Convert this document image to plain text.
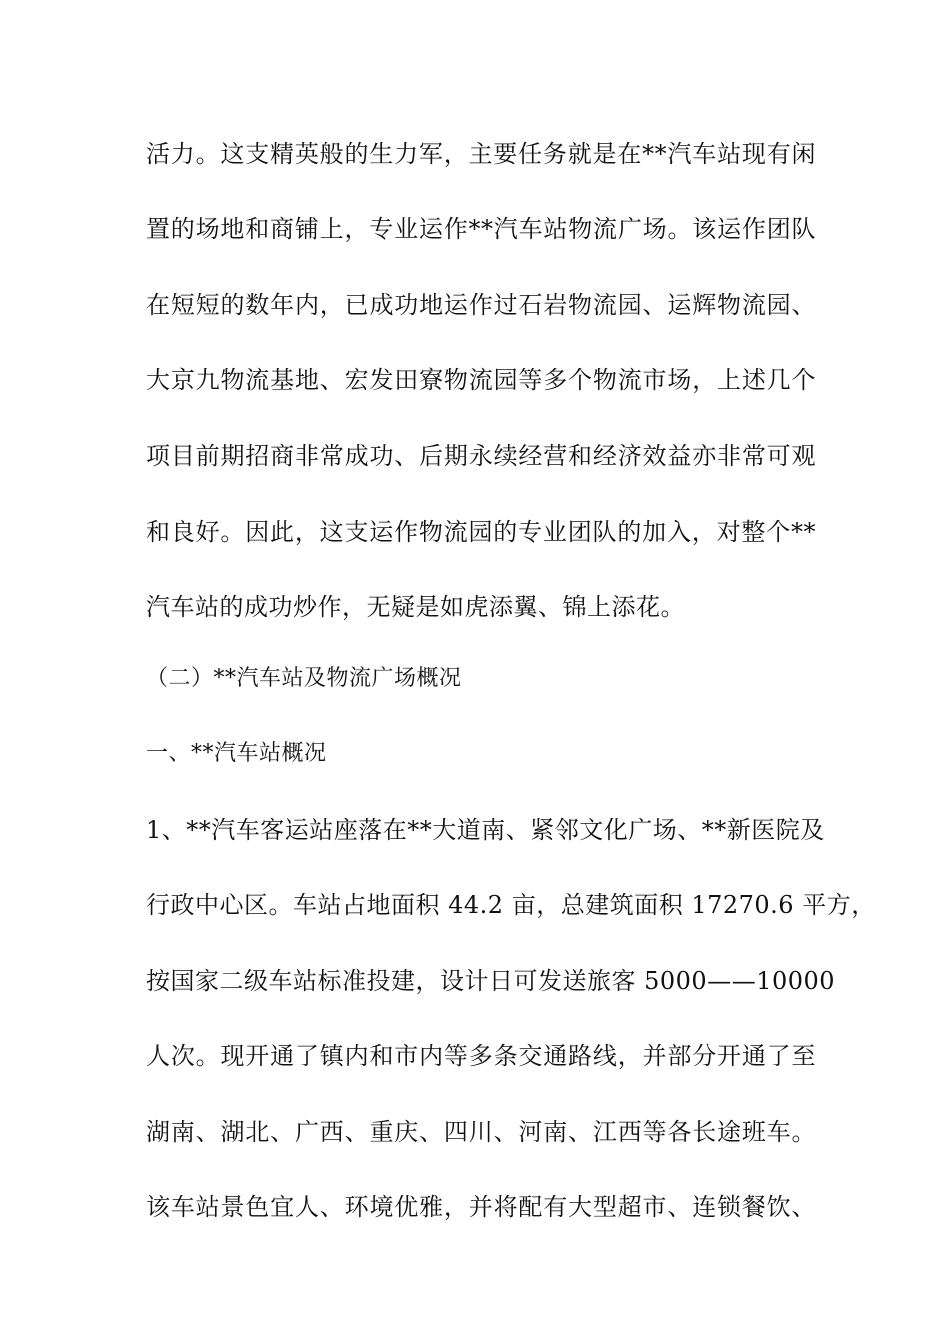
活力。这支精英般的生力军，主要任务就是在**汽车站现有闲
置的场地和商铺上，专业运作**汽车站物流广场。该运作团队
在短短的数年内，已成功地运作过石岩物流园、运辉物流园、
大京九物流基地、宏发田寮物流园等多个物流市场，上述几个
项目前期招商非常成功、后期永续经营和经济效益亦非常可观
和良好。因此，这支运作物流园的专业团队的加入，对整个**
汽车站的成功炒作，无疑是如虎添翼、锦上添花。
（二）**汽车站及物流广场概况
一、**汽车站概况
1、**汽车客运站座落在**大道南、紧邻文化广场、**新医院及
行政中心区。车站占地面积 44.2 亩，总建筑面积 17270.6 平方，
按国家二级车站标准投建，设计日可发送旅客 5000——10000
人次。现开通了镇内和市内等多条交通路线，并部分开通了至
湖南、湖北、广西、重庆、四川、河南、江西等各长途班车。
该车站景色宜人、环境优雅，并将配有大型超市、连锁餐饮、
